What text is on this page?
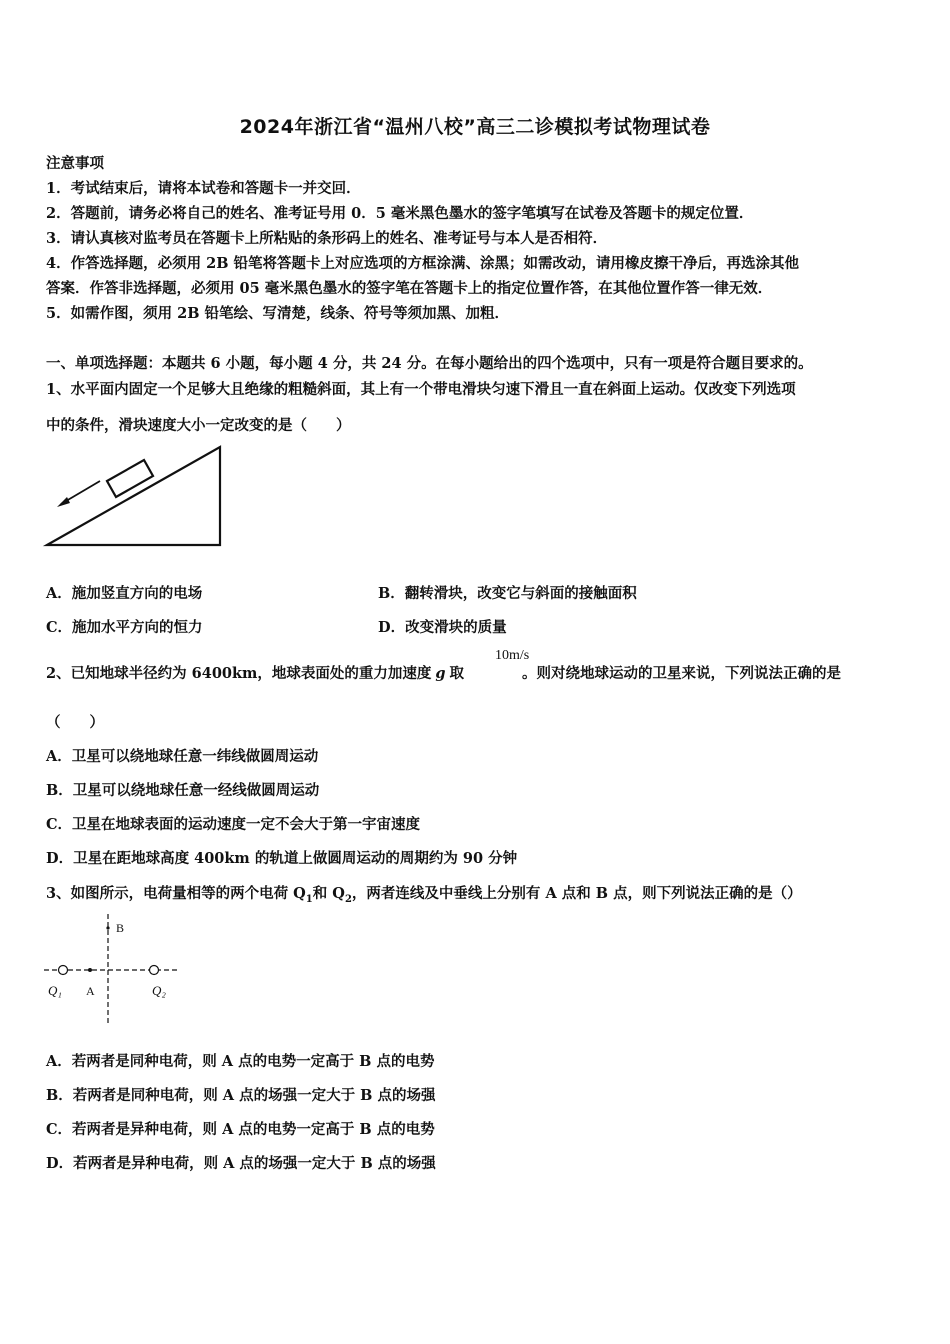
2024年浙江省“温州八校”高三二诊模拟考试物理试卷
注意事项
1．考试结束后，请将本试卷和答题卡一并交回．
2．答题前，请务必将自己的姓名、准考证号用 0．5 毫米黑色墨水的签字笔填写在试卷及答题卡的规定位置．
3．请认真核对监考员在答题卡上所粘贴的条形码上的姓名、准考证号与本人是否相符．
4．作答选择题，必须用 2B 铅笔将答题卡上对应选项的方框涂满、涂黑；如需改动，请用橡皮擦干净后，再选涂其他
答案．作答非选择题，必须用 05 毫米黑色墨水的签字笔在答题卡上的指定位置作答，在其他位置作答一律无效．
5．如需作图，须用 2B 铅笔绘、写清楚，线条、符号等须加黑、加粗．
一、单项选择题：本题共 6 小题，每小题 4 分，共 24 分。在每小题给出的四个选项中，只有一项是符合题目要求的。
1、水平面内固定一个足够大且绝缘的粗糙斜面，其上有一个带电滑块匀速下滑且一直在斜面上运动。仅改变下列选项
中的条件，滑块速度大小一定改变的是（　　）
A．施加竖直方向的电场	B．翻转滑块，改变它与斜面的接触面积
C．施加水平方向的恒力	D．改变滑块的质量
2、已知地球半径约为 6400km，地球表面处的重力加速度 g 取	。则对绕地球运动的卫星来说，下列说法正确的是
10m/s
（　　）
A．卫星可以绕地球任意一纬线做圆周运动
B．卫星可以绕地球任意一经线做圆周运动
C．卫星在地球表面的运动速度一定不会大于第一宇宙速度
D．卫星在距地球高度 400km 的轨道上做圆周运动的周期约为 90 分钟
3、如图所示，电荷量相等的两个电荷 $Q_1$和 $Q_2$，两者连线及中垂线上分别有 A 点和 B 点，则下列说法正确的是（）
B
Q₁ A	Q₂
A．若两者是同种电荷，则 A 点的电势一定高于 B 点的电势
B．若两者是同种电荷，则 A 点的场强一定大于 B 点的场强
C．若两者是异种电荷，则 A 点的电势一定高于 B 点的电势
D．若两者是异种电荷，则 A 点的场强一定大于 B 点的场强
